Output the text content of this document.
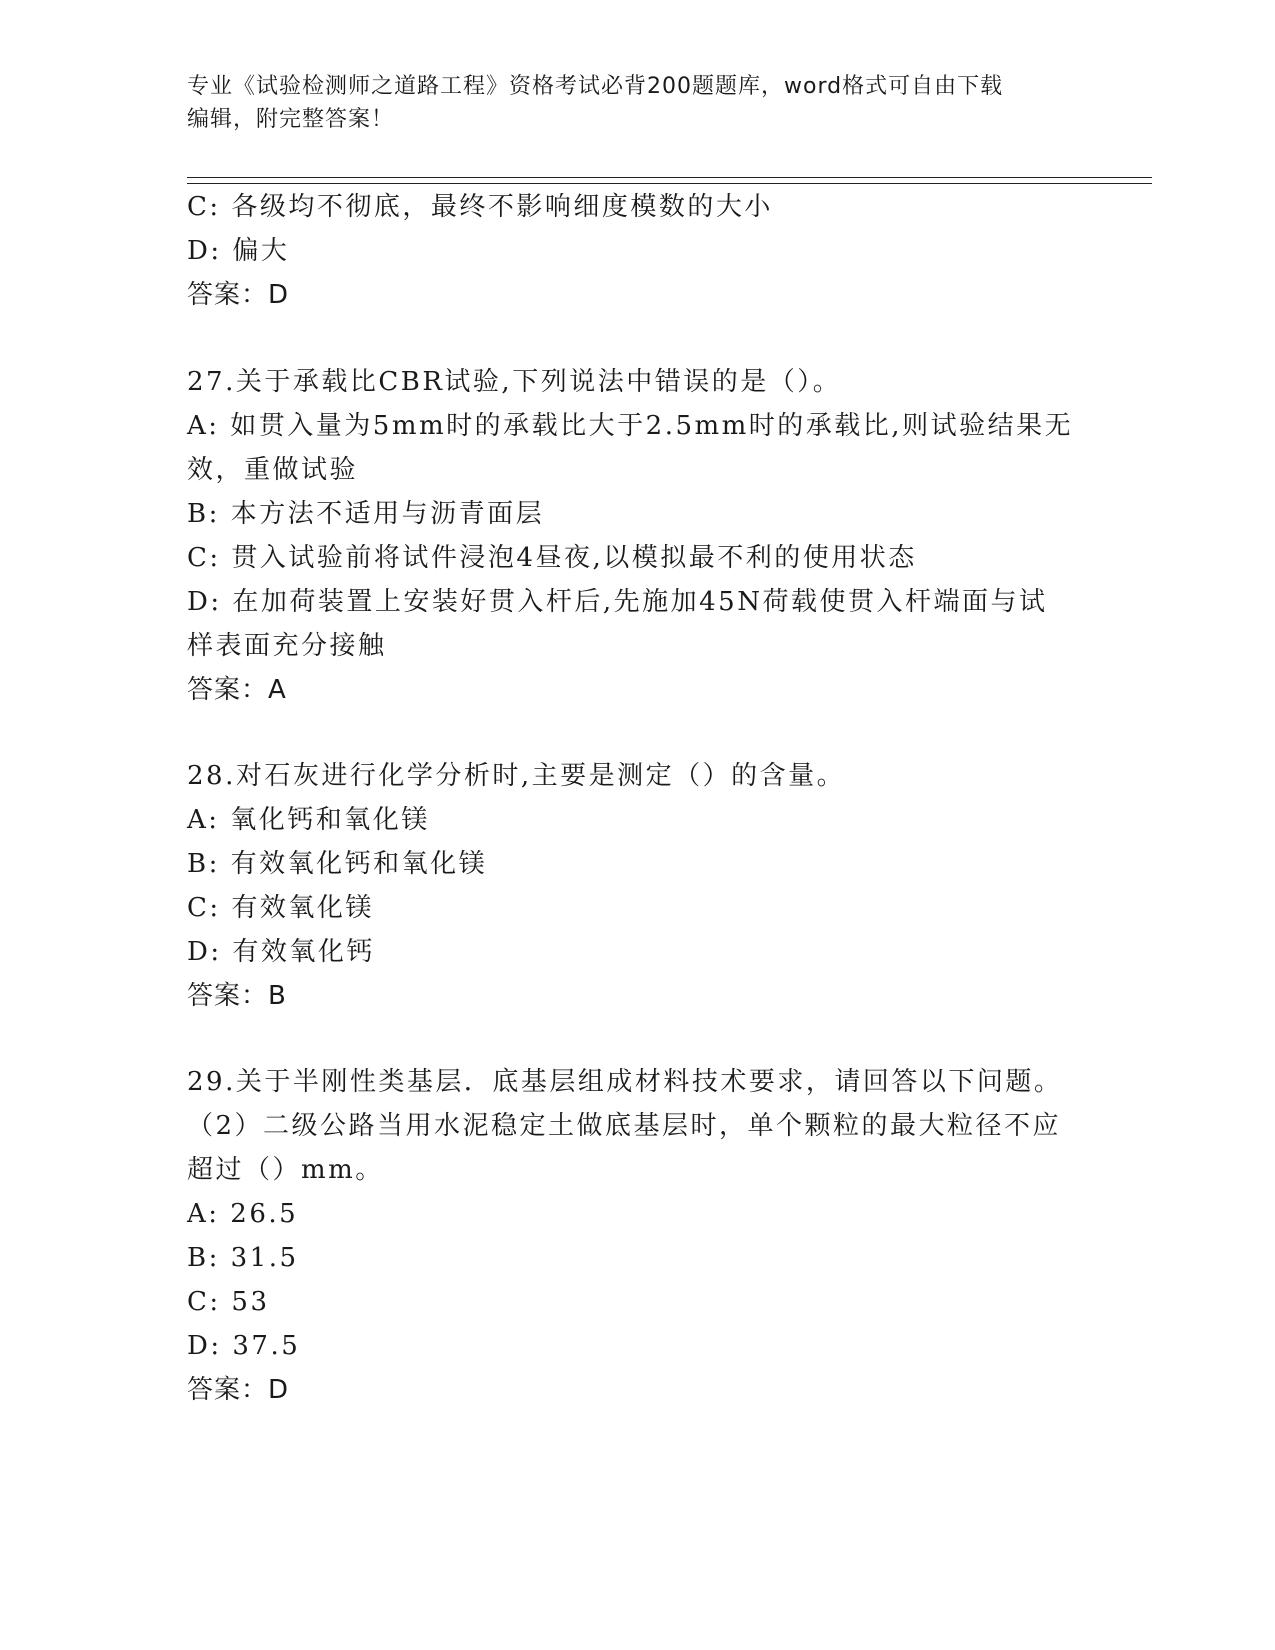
专业《试验检测师之道路工程》资格考试必背200题题库，word格式可自由下载
编辑，附完整答案！
C: 各级均不彻底，最终不影响细度模数的大小
D: 偏大
答案：D
27.关于承载比CBR试验,下列说法中错误的是（）。
A: 如贯入量为5mm时的承载比大于2.5mm时的承载比,则试验结果无
效，重做试验
B: 本方法不适用与沥青面层
C: 贯入试验前将试件浸泡4昼夜,以模拟最不利的使用状态
D: 在加荷装置上安装好贯入杆后,先施加45N荷载使贯入杆端面与试
样表面充分接触
答案：A
28.对石灰进行化学分析时,主要是测定（）的含量。
A: 氧化钙和氧化镁
B: 有效氧化钙和氧化镁
C: 有效氧化镁
D: 有效氧化钙
答案：B
29.关于半刚性类基层．底基层组成材料技术要求，请回答以下问题。
（2）二级公路当用水泥稳定土做底基层时，单个颗粒的最大粒径不应
超过（）mm。
A: 26.5
B: 31.5
C: 53
D: 37.5
答案：D
